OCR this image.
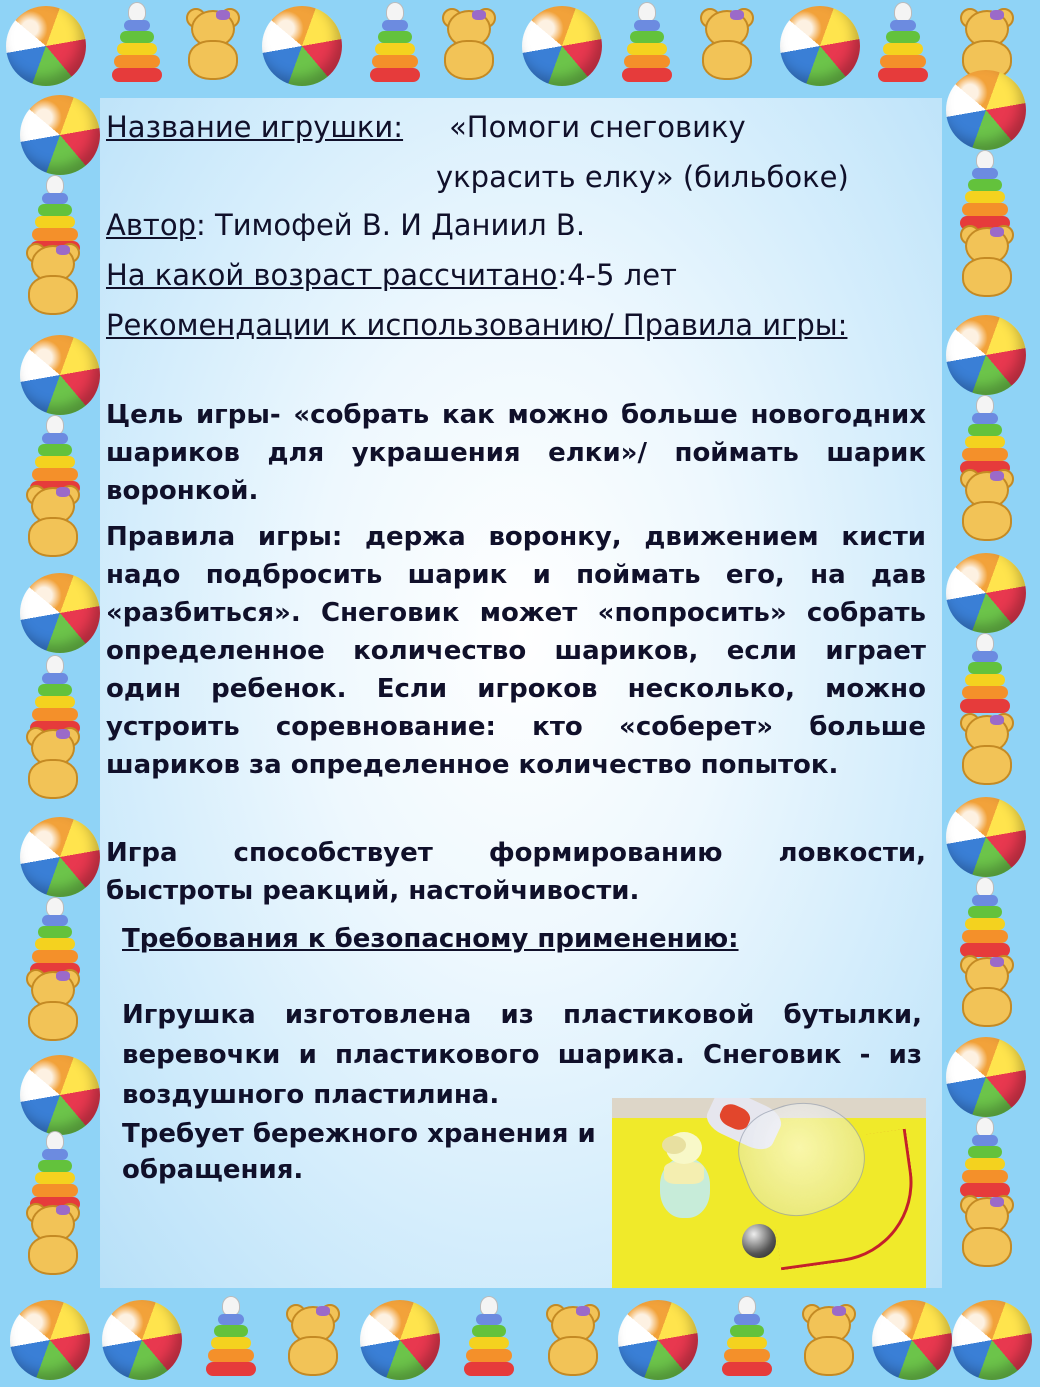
Название игрушки: «Помоги снеговику
украсить елку» (бильбоке)
Автор: Тимофей В. И Даниил В.
На какой возраст рассчитано:4-5 лет
Рекомендации к использованию/ Правила игры:
Цель игры- «собрать как можно больше новогодних шариков для украшения елки»/ поймать шарик воронкой.
Правила игры: держа воронку, движением кисти надо подбросить шарик и поймать его, на дав «разбиться». Снеговик может «попросить» собрать определенное количество шариков, если играет один ребенок. Если игроков несколько, можно устроить соревнование: кто «соберет» больше шариков за определенное количество попыток.
Игра способствует формированию ловкости, быстроты реакций, настойчивости.
Требования к безопасному применению:
Игрушка изготовлена из пластиковой бутылки, веревочки и пластикового шарика. Снеговик - из воздушного пластилина.
Требует бережного хранения и обращения.
